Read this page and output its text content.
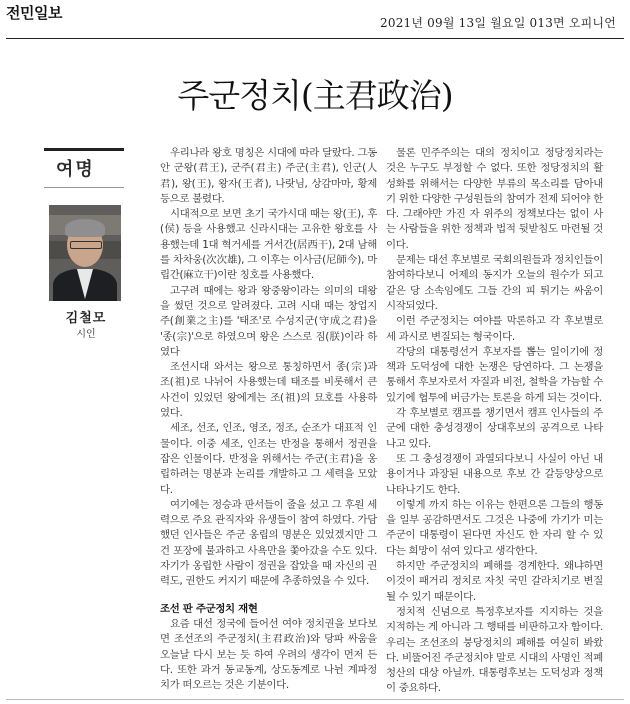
전민일보
2021년 09월 13일 월요일 013면 오피니언
주군정치(主君政治)
여명
김철모
시인

우리나라 왕호 명칭은 시대에 따라 달랐다. 그동안 군왕(君王), 군주(君主) 주군(主君), 인군(人君), 왕(王), 왕자(王者), 나랏님, 상감마마, 황제 등으로 불렸다.

시대적으로 보면 초기 국가시대 때는 왕(王), 후(侯) 등을 사용했고 신라시대는 고유한 왕호를 사용했는데 1대 혁거세를 거서간(居西干), 2대 남해를 차차웅(次次雄), 그 이후는 이사금(尼師今), 마립간(麻立干)이란 칭호를 사용했다.

고구려 때에는 왕과 왕중왕이라는 의미의 대왕을 썼던 것으로 알려졌다. 고려 시대 때는 창업지주(創業之主)를 '태조'로 수성지군(守成之君)을 '종(宗)'으로 하였으며 왕은 스스로 짐(朕)이라 하였다

조선시대 와서는 왕으로 통칭하면서 종(宗)과 조(祖)로 나뉘어 사용했는데 태조를 비롯해서 큰 사건이 있었던 왕에게는 조(祖)의 묘호를 사용하였다.

세조, 선조, 인조, 영조, 정조, 순조가 대표적 인물이다. 이중 세조, 인조는 반정을 통해서 정권을 잡은 인물이다. 반정을 위해서는 주군(主君)을 옹립하려는 명분과 논리를 개발하고 그 세력을 모았다.

여기에는 정승과 판서들이 줄을 섰고 그 후원 세력으로 주요 관직자와 유생들이 참여 하였다. 가담했던 인사들은 주군 옹립의 명분은 있었겠지만 그건 포장에 불과하고 사욕만을 쫓아갔을 수도 있다. 자기가 옹립한 사람이 정권을 잡았을 때 자신의 권력도, 권한도 커지기 때문에 추종하였을 수 있다.

조선 판 주군정치 재현

요즘 대선 정국에 들어선 여야 정치권을 보다보면 조선조의 주군정치(主君政治)와 당파 싸움을 오늘날 다시 보는 듯 하여 우려의 생각이 먼저 든다. 또한 과거 동교동계, 상도동계로 나뉜 계파정치가 떠오르는 것은 기분이다.

물론 민주주의는 대의 정치이고 정당정치라는 것은 누구도 부정할 수 없다. 또한 정당정치의 활성화를 위해서는 다양한 부류의 목소리를 담아내기 위한 다양한 구성원들의 참여가 전제 되어야 한다. 그래야만 가진 자 위주의 정책보다는 없이 사는 사람들을 위한 정책과 법적 뒷받침도 마련될 것이다.

문제는 대선 후보별로 국회의원들과 정치인들이 참여하다보니 어제의 동지가 오늘의 원수가 되고 같은 당 소속임에도 그들 간의 피 튀기는 싸움이 시작되었다.

이런 주군정치는 여야를 막론하고 각 후보별로 세 과시로 변질되는 형국이다.

각당의 대통령선거 후보자를 뽑는 일이기에 정책과 도덕성에 대한 논쟁은 당연하다. 그 논쟁을 통해서 후보자로서 자질과 비전, 철학을 가늠할 수 있기에 협투에 버금가는 토론을 하게 되는 것이다.

각 후보별로 캠프를 챙기면서 캠프 인사들의 주군에 대한 충성경쟁이 상대후보의 공격으로 나타나고 있다.

또 그 충성경쟁이 과열되다보니 사실이 아닌 내용이거나 과장된 내용으로 후보 간 갈등양상으로 나타나기도 한다.

이렇게 까지 하는 이유는 한편으론 그들의 행동을 일부 공감하면서도 그것은 나중에 가기가 미는 주군이 대통령이 된다면 자신도 한 자리 할 수 있다는 희망이 섞여 있다고 생각한다.

하지만 주군정치의 폐해를 경계한다. 왜냐하면 이것이 패거리 정치로 자칫 국민 갈라치기로 변질될 수 있기 때문이다.

정치적 신념으로 특정후보자를 지지하는 것을 지적하는 게 아니라 그 행태를 비판하고자 함이다. 우리는 조선조의 붕당정치의 폐해를 여실히 봐왔다. 비뚤어진 주군정치야 말로 시대의 사명인 적폐청산의 대상 아닐까. 대통령후보는 도덕성과 정책이 중요하다.
